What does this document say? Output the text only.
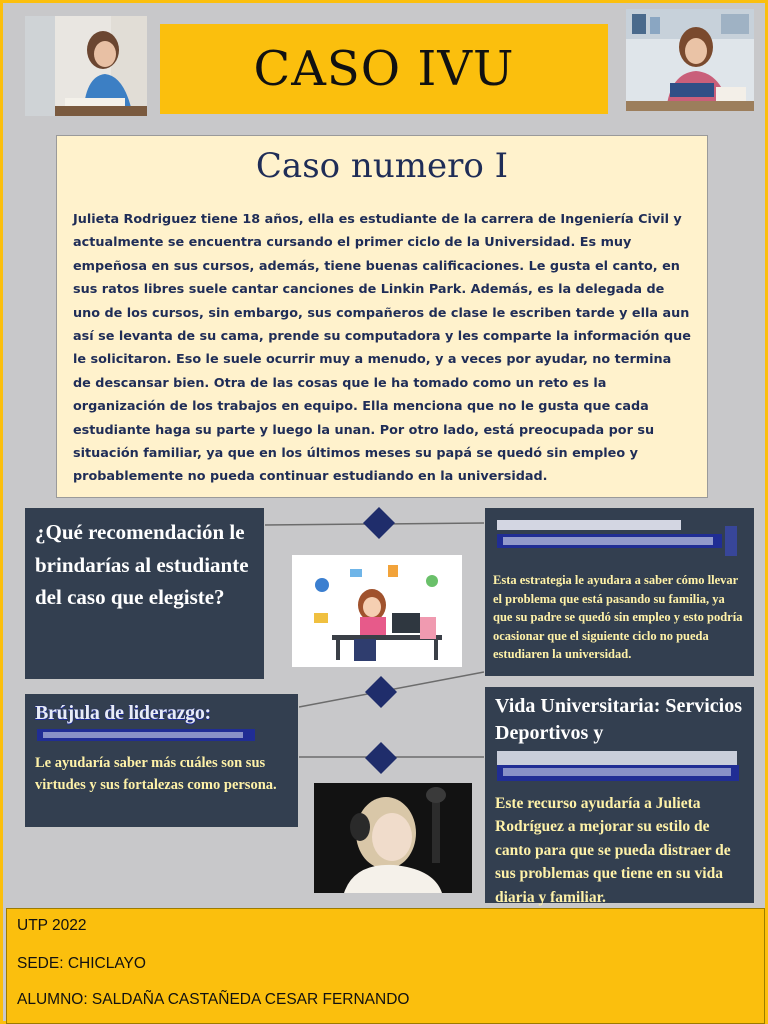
CASO IVU
Caso numero I

Julieta Rodriguez tiene 18 años, ella es estudiante de la carrera de Ingeniería Civil y actualmente se encuentra cursando el primer ciclo de la Universidad. Es muy empeñosa en sus cursos, además, tiene buenas calificaciones. Le gusta el canto, en sus ratos libres suele cantar canciones de Linkin Park. Además, es la delegada de uno de los cursos, sin embargo, sus compañeros de clase le escriben tarde y ella aun así se levanta de su cama, prende su computadora y les comparte la información que le solicitaron. Eso le suele ocurrir muy a menudo, y a veces por ayudar, no termina de descansar bien. Otra de las cosas que le ha tomado como un reto es la organización de los trabajos en equipo. Ella menciona que no le gusta que cada estudiante haga su parte y luego la unan. Por otro lado, está preocupada por su situación familiar, ya que en los últimos meses su papá se quedó sin empleo y probablemente no pueda continuar estudiando en la universidad.

¿Qué recomendación le brindarías al estudiante del caso que elegiste?

Esta estrategia le ayudara a saber cómo llevar el problema que está pasando su familia, ya que su padre se quedó sin empleo y esto podría ocasionar que el siguiente ciclo no pueda estudiaren la universidad.

Brújula de liderazgo:

Le ayudaría saber más cuáles son sus virtudes y sus fortalezas como persona.

Vida Universitaria: Servicios Deportivos y

Este recurso ayudaría a Julieta Rodríguez a mejorar su estilo de canto para que se pueda distraer de sus problemas que tiene en su vida diaria y familiar.

UTP 2022

SEDE: CHICLAYO

ALUMNO: SALDAÑA CASTAÑEDA CESAR FERNANDO
